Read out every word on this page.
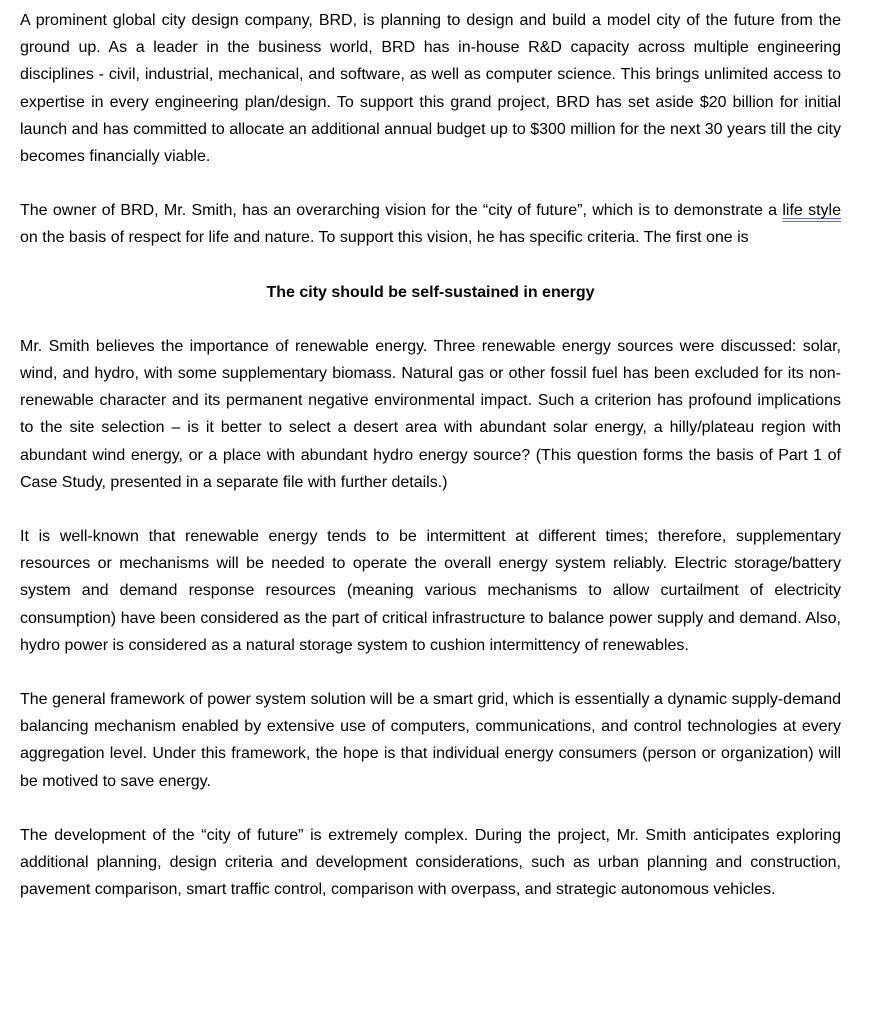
A prominent global city design company, BRD, is planning to design and build a model city of the future from the ground up. As a leader in the business world, BRD has in-house R&D capacity across multiple engineering disciplines - civil, industrial, mechanical, and software, as well as computer science. This brings unlimited access to expertise in every engineering plan/design. To support this grand project, BRD has set aside $20 billion for initial launch and has committed to allocate an additional annual budget up to $300 million for the next 30 years till the city becomes financially viable.

The owner of BRD, Mr. Smith, has an overarching vision for the “city of future”, which is to demonstrate a life style on the basis of respect for life and nature. To support this vision, he has specific criteria. The first one is

The city should be self-sustained in energy

Mr. Smith believes the importance of renewable energy. Three renewable energy sources were discussed: solar, wind, and hydro, with some supplementary biomass. Natural gas or other fossil fuel has been excluded for its non-renewable character and its permanent negative environmental impact. Such a criterion has profound implications to the site selection – is it better to select a desert area with abundant solar energy, a hilly/plateau region with abundant wind energy, or a place with abundant hydro energy source? (This question forms the basis of Part 1 of Case Study, presented in a separate file with further details.)

It is well-known that renewable energy tends to be intermittent at different times; therefore, supplementary resources or mechanisms will be needed to operate the overall energy system reliably. Electric storage/battery system and demand response resources (meaning various mechanisms to allow curtailment of electricity consumption) have been considered as the part of critical infrastructure to balance power supply and demand. Also, hydro power is considered as a natural storage system to cushion intermittency of renewables.

The general framework of power system solution will be a smart grid, which is essentially a dynamic supply-demand balancing mechanism enabled by extensive use of computers, communications, and control technologies at every aggregation level. Under this framework, the hope is that individual energy consumers (person or organization) will be motived to save energy.

The development of the “city of future” is extremely complex. During the project, Mr. Smith anticipates exploring additional planning, design criteria and development considerations, such as urban planning and construction, pavement comparison, smart traffic control, comparison with overpass, and strategic autonomous vehicles.
